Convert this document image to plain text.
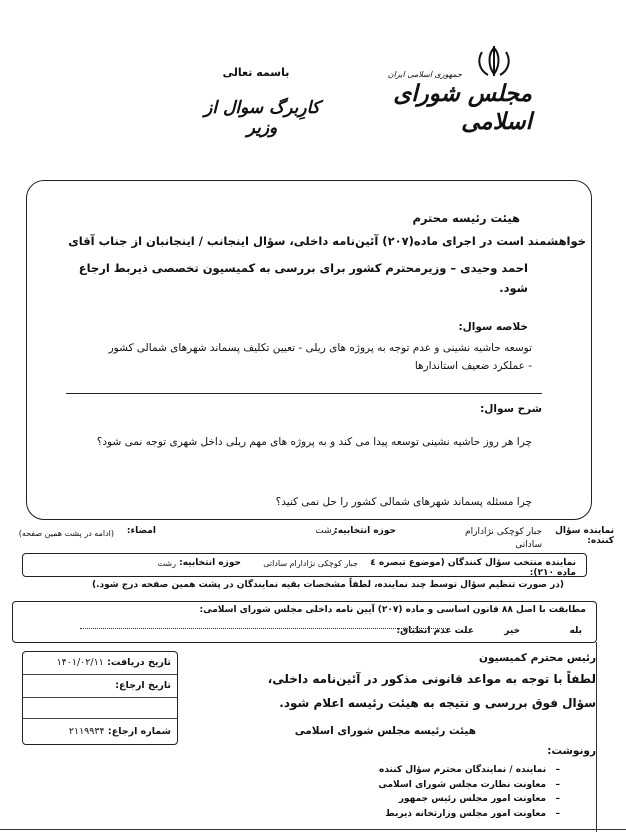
جمهوری اسلامی ایران
مجلس شورای اسلامی
باسمه تعالی
کارِبرگ سوال از وزیر
هیئت رئیسه محترم
خواهشمند است در اجرای ماده(۲۰۷) آئین‌نامه داخلی، سؤال اینجانب / اینجانبان از جناب آقای
احمد وحیدی – وزیرمحترم کشور برای بررسی به کمیسیون تخصصی ذیربط ارجاع شود.
خلاصه سوال:
توسعه حاشیه نشینی و عدم توجه به پروژه های ریلی - تعیین تکلیف پسماند شهرهای شمالی کشور - عملکرد ضعیف استاندارها
شرح سوال:
چرا هر روز حاشیه نشینی توسعه پیدا می کند و به پروژه های مهم ریلی داخل شهری توجه نمی شود؟
چرا مسئله پسماند شهرهای شمالی کشور را حل نمی کنید؟
نماینده سؤال کننده:
جبار کوچکی نژادارام ساداتی
حوزه انتخابیه:
رشت
امضاء:
(ادامه در پشت همین صفحه)
نماینده منتخب سؤال کنندگان (موضوع تبصره ٤ ماده ٢١٠):
جبار کوچکی نژادارام ساداتی
حوزه انتخابیه:
رشت
(در صورت تنظیم سؤال توسط چند نماینده، لطفاً مشخصات بقیه نمایندگان در پشت همین صفحه درج شود.)
مطابقت با اصل ٨٨ قانون اساسی و ماده (٢٠٧) آیین نامه داخلی مجلس شورای اسلامی:
بله
خیر
علت عدم انطباق:
تاریخ دریافت: ۱۴۰۱/۰۲/۱۱
تاریخ ارجاع:
شماره ارجاع: ۲۱۱۹۹۳۴
رئیس محترم کمیسیون
لطفاً با توجه به مواعد قانونی مذکور در آئین‌نامه داخلی،
سؤال فوق بررسی و نتیجه به هیئت رئیسه اعلام شود.
هیئت رئیسه مجلس شورای اسلامی
رونوشت:
–   نماینده / نمایندگان محترم سؤال کننده
–   معاونت نظارت مجلس شورای اسلامی
–   معاونت امور مجلس رئیس جمهور
–   معاونت امور مجلس وزارتخانه ذیربط
